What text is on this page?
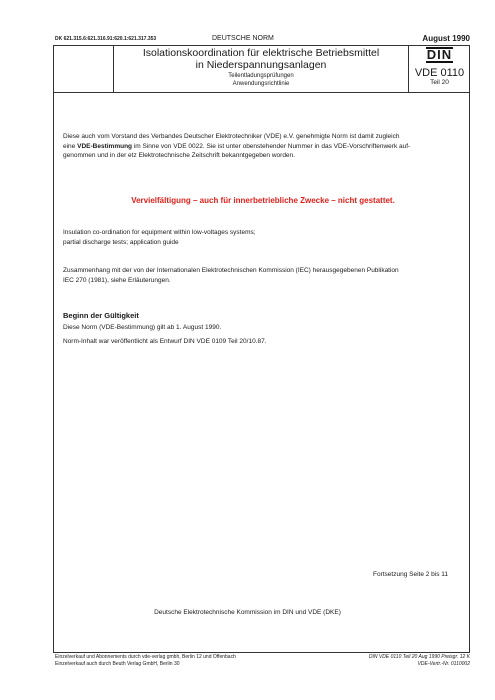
DK 621.315.6:621.316.91:620.1:621.317.353	DEUTSCHE NORM	August 1990
Isolationskoordination für elektrische Betriebsmittel
in Niederspannungsanlagen
Teilentladungsprüfungen
Anwendungsrichtlinie
DIN
VDE 0110
Teil 20
Diese auch vom Vorstand des Verbandes Deutscher Elektrotechniker (VDE) e.V. genehmigte Norm ist damit zugleich
eine VDE-Bestimmung im Sinne von VDE 0022. Sie ist unter obenstehender Nummer in das VDE-Vorschriftenwerk auf-
genommen und in der etz Elektrotechnische Zeitschrift bekanntgegeben worden.
Vervielfältigung – auch für innerbetriebliche Zwecke – nicht gestattet.
Insulation co-ordination for equipment within low-voltages systems;
partial discharge tests; application guide
Zusammenhang mit der von der Internationalen Elektrotechnischen Kommission (IEC) herausgegebenen Publikation
IEC 270 (1981), siehe Erläuterungen.
Beginn der Gültigkeit
Diese Norm (VDE-Bestimmung) gilt ab 1. August 1990.
Norm-Inhalt war veröffentlicht als Entwurf DIN VDE 0109 Teil 20/10.87.
Fortsetzung Seite 2 bis 11
Deutsche Elektrotechnische Kommission im DIN und VDE (DKE)
Einzelverkauf und Abonnements durch vde-verlag gmbh, Berlin 12 und Offenbach
Einzelverkauf auch durch Beuth Verlag GmbH, Berlin 30
DIN VDE 0110 Teil 20 Aug 1990 Preisgr. 12 K
VDE-Vertr.-Nr. 0110002
